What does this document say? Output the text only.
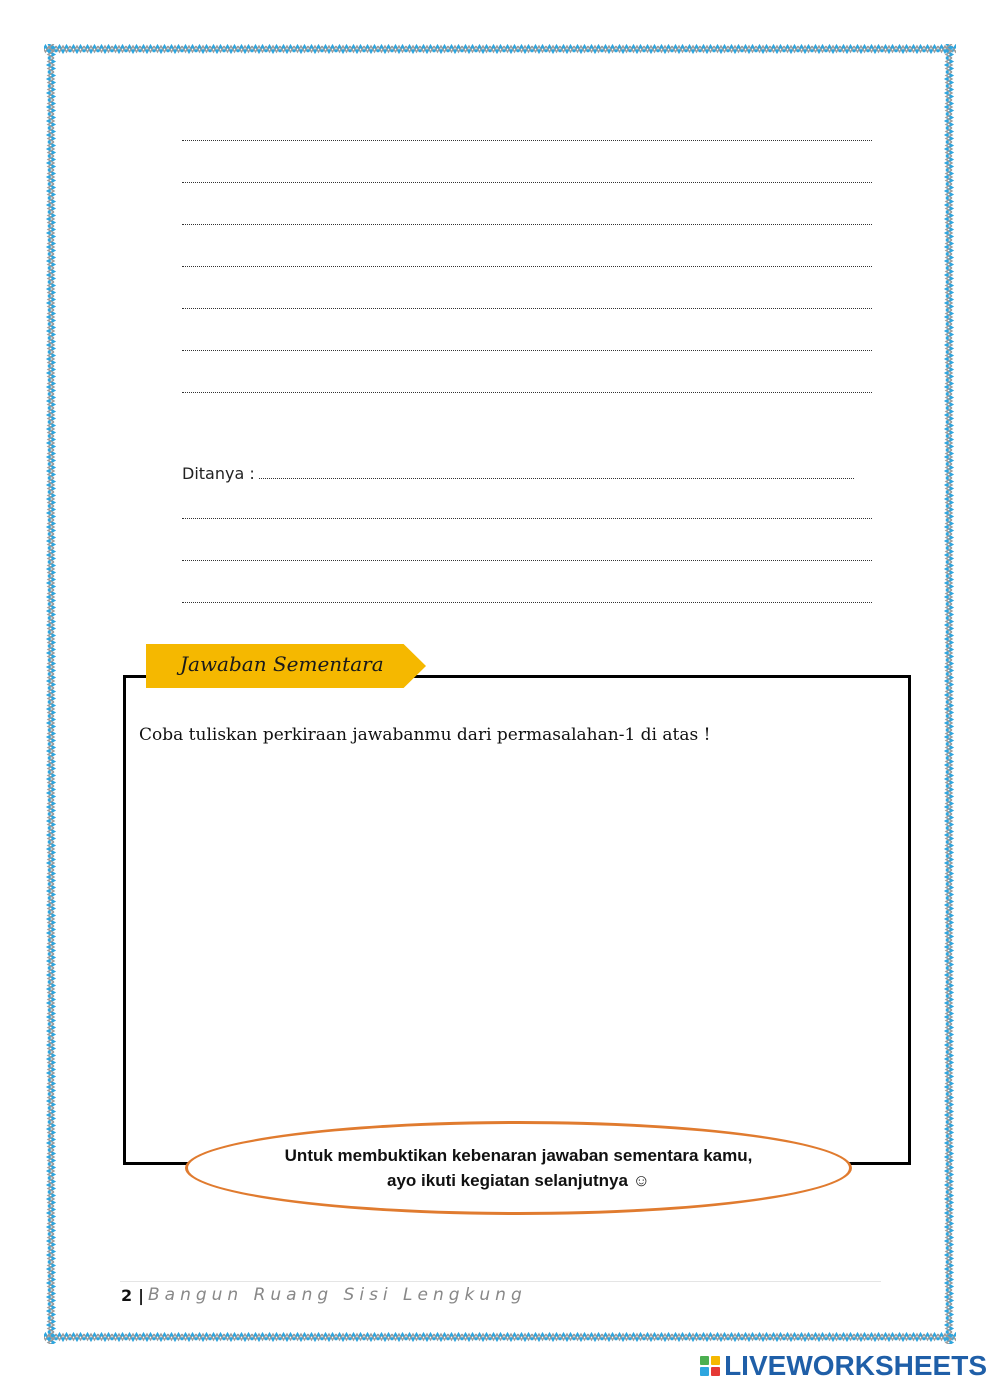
Ditanya :
Jawaban Sementara
Coba tuliskan perkiraan jawabanmu dari permasalahan-1 di atas !
Untuk membuktikan kebenaran jawaban sementara kamu,
ayo ikuti kegiatan selanjutnya ☺
2 | Bangun Ruang Sisi Lengkung
LIVEWORKSHEETS
